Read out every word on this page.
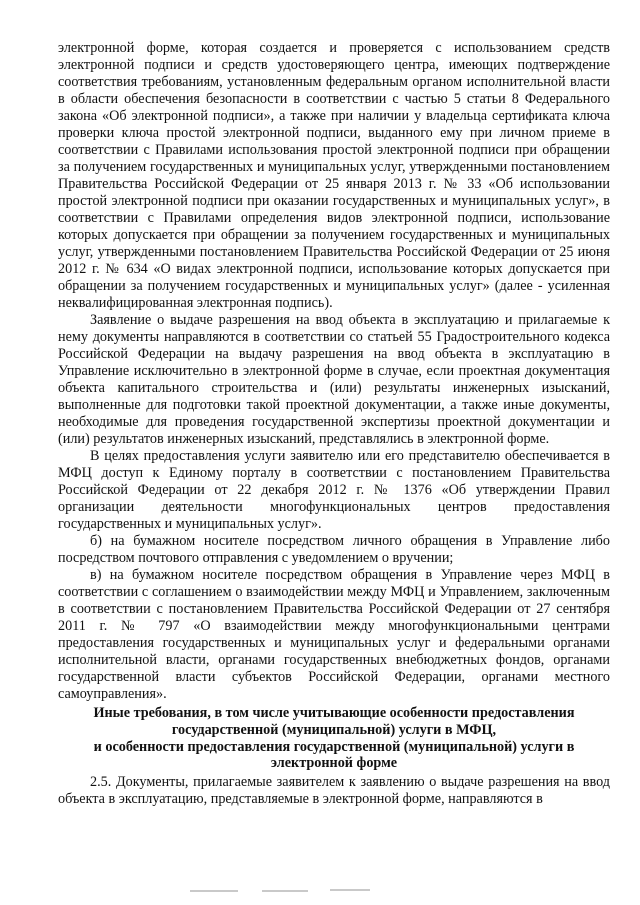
электронной форме, которая создается и проверяется с использованием средств электронной подписи и средств удостоверяющего центра, имеющих подтверждение соответствия требованиям, установленным федеральным органом исполнительной власти в области обеспечения безопасности в соответствии с частью 5 статьи 8 Федерального закона «Об электронной подписи», а также при наличии у владельца сертификата ключа проверки ключа простой электронной подписи, выданного ему при личном приеме в соответствии с Правилами использования простой электронной подписи при обращении за получением государственных и муниципальных услуг, утвержденными постановлением Правительства Российской Федерации от 25 января 2013 г. № 33 «Об использовании простой электронной подписи при оказании государственных и муниципальных услуг», в соответствии с Правилами определения видов электронной подписи, использование которых допускается при обращении за получением государственных и муниципальных услуг, утвержденными постановлением Правительства Российской Федерации от 25 июня 2012 г. № 634 «О видах электронной подписи, использование которых допускается при обращении за получением государственных и муниципальных услуг» (далее - усиленная неквалифицированная электронная подпись).

Заявление о выдаче разрешения на ввод объекта в эксплуатацию и прилагаемые к нему документы направляются в соответствии со статьей 55 Градостроительного кодекса Российской Федерации на выдачу разрешения на ввод объекта в эксплуатацию в Управление исключительно в электронной форме в случае, если проектная документация объекта капитального строительства и (или) результаты инженерных изысканий, выполненные для подготовки такой проектной документации, а также иные документы, необходимые для проведения государственной экспертизы проектной документации и (или) результатов инженерных изысканий, представлялись в электронной форме.

В целях предоставления услуги заявителю или его представителю обеспечивается в МФЦ доступ к Единому порталу в соответствии с постановлением Правительства Российской Федерации от 22 декабря 2012 г. № 1376 «Об утверждении Правил организации деятельности многофункциональных центров предоставления государственных и муниципальных услуг».

б) на бумажном носителе посредством личного обращения в Управление либо посредством почтового отправления с уведомлением о вручении;

в) на бумажном носителе посредством обращения в Управление через МФЦ в соответствии с соглашением о взаимодействии между МФЦ и Управлением, заключенным в соответствии с постановлением Правительства Российской Федерации от 27 сентября 2011 г. № 797 «О взаимодействии между многофункциональными центрами предоставления государственных и муниципальных услуг и федеральными органами исполнительной власти, органами государственных внебюджетных фондов, органами государственной власти субъектов Российской Федерации, органами местного самоуправления».

Иные требования, в том числе учитывающие особенности предоставления
государственной (муниципальной) услуги в МФЦ,
и особенности предоставления государственной (муниципальной) услуги в
электронной форме

2.5. Документы, прилагаемые заявителем к заявлению о выдаче разрешения на ввод объекта в эксплуатацию, представляемые в электронной форме, направляются в
